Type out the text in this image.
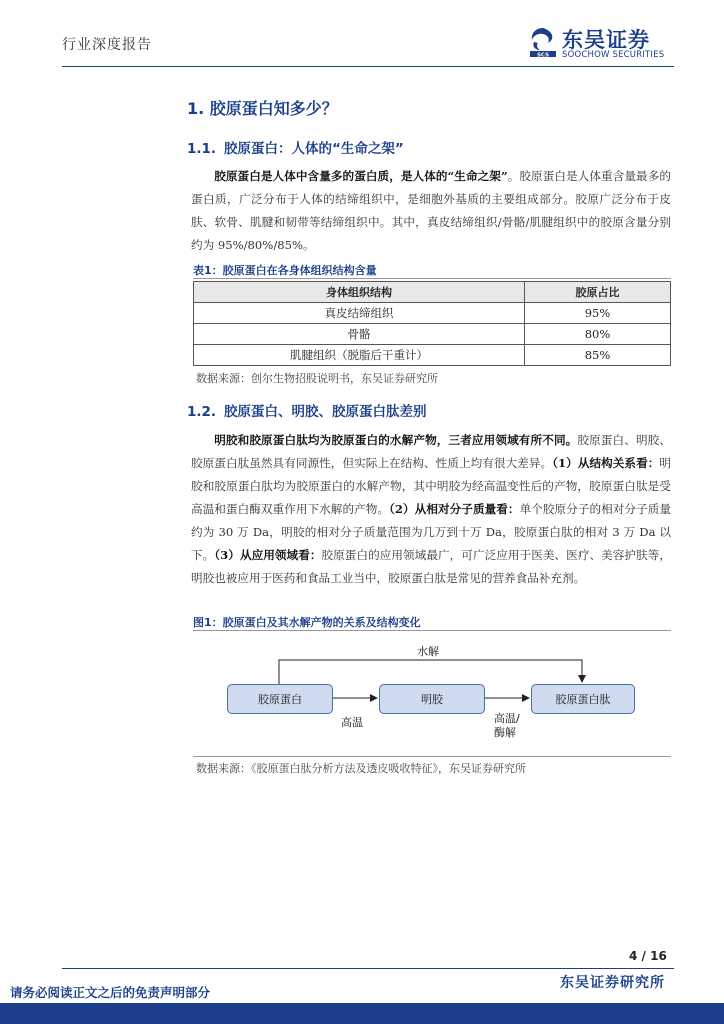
行业深度报告
SCS
东吴证券
SOOCHOW SECURITIES
1. 胶原蛋白知多少？
1.1. 胶原蛋白：人体的“生命之架”
胶原蛋白是人体中含量多的蛋白质，是人体的“生命之架”。胶原蛋白是人体重含量最多的蛋白质，广泛分布于人体的结缔组织中，是细胞外基质的主要组成部分。胶原广泛分布于皮肤、软骨、肌腱和韧带等结缔组织中。其中，真皮结缔组织/骨骼/肌腱组织中的胶原含量分别约为 95%/80%/85%。
表1：胶原蛋白在各身体组织结构含量
身体组织结构	胶原占比
真皮结缔组织	95%
骨骼	80%
肌腱组织（脱脂后干重计）	85%
数据来源：创尔生物招股说明书，东吴证券研究所
1.2. 胶原蛋白、明胶、胶原蛋白肽差别
明胶和胶原蛋白肽均为胶原蛋白的水解产物，三者应用领域有所不同。胶原蛋白、明胶、胶原蛋白肽虽然具有同源性，但实际上在结构、性质上均有很大差异。（1）从结构关系看：明胶和胶原蛋白肽均为胶原蛋白的水解产物，其中明胶为经高温变性后的产物，胶原蛋白肽是受高温和蛋白酶双重作用下水解的产物。（2）从相对分子质量看：单个胶原分子的相对分子质量约为 30 万 Da，明胶的相对分子质量范围为几万到十万 Da，胶原蛋白肽的相对 3 万 Da 以下。（3）从应用领域看：胶原蛋白的应用领域最广，可广泛应用于医美、医疗、美容护肤等，明胶也被应用于医药和食品工业当中，胶原蛋白肽是常见的营养食品补充剂。
图1：胶原蛋白及其水解产物的关系及结构变化
胶原蛋白	明胶	胶原蛋白肽
水解
高温	高温/
酶解
数据来源：《胶原蛋白肽分析方法及透皮吸收特征》，东吴证券研究所
4 / 16
东吴证券研究所
请务必阅读正文之后的免责声明部分
